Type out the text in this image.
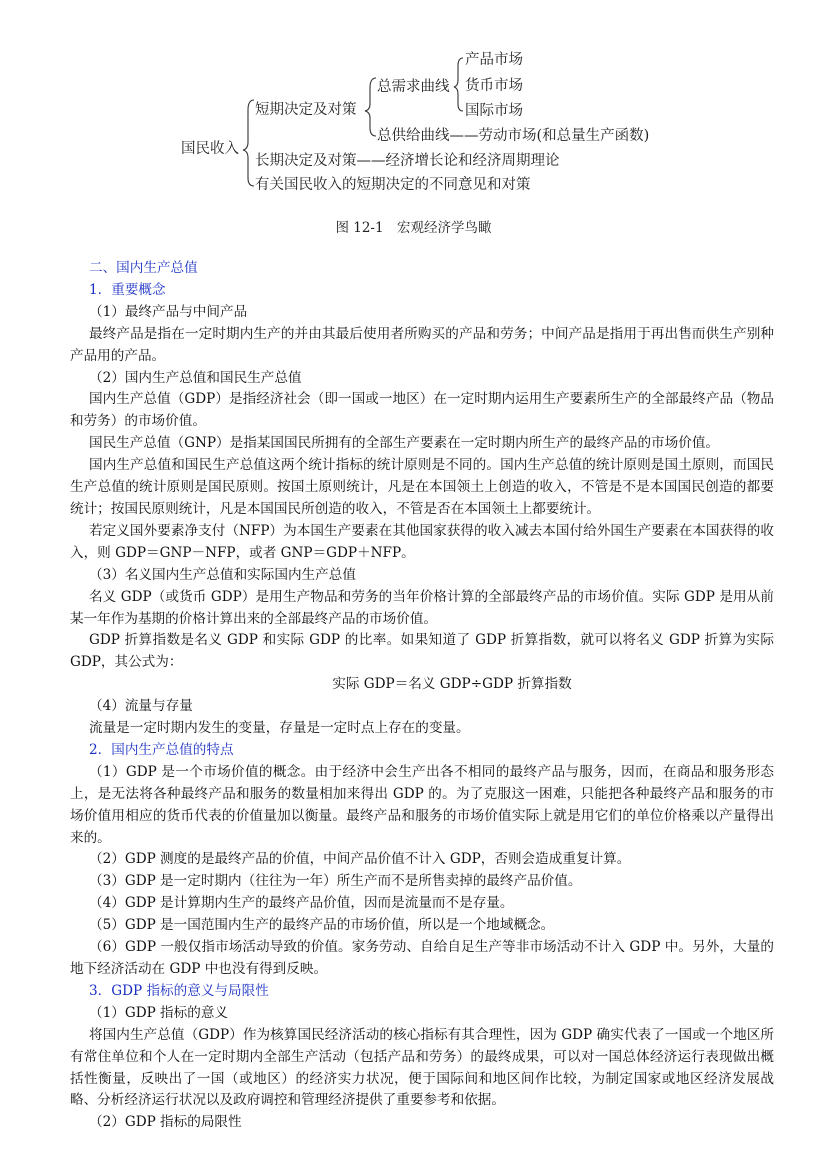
国民收入
短期决定及对策
总需求曲线
产品市场
货币市场
国际市场
总供给曲线——劳动市场(和总量生产函数)
长期决定及对策——经济增长论和经济周期理论
有关国民收入的短期决定的不同意见和对策
图 12-1　宏观经济学鸟瞰

二、国内生产总值

1．重要概念

（1）最终产品与中间产品

最终产品是指在一定时期内生产的并由其最后使用者所购买的产品和劳务；中间产品是指用于再出售而供生产别种产品用的产品。

（2）国内生产总值和国民生产总值

国内生产总值（GDP）是指经济社会（即一国或一地区）在一定时期内运用生产要素所生产的全部最终产品（物品和劳务）的市场价值。

国民生产总值（GNP）是指某国国民所拥有的全部生产要素在一定时期内所生产的最终产品的市场价值。

国内生产总值和国民生产总值这两个统计指标的统计原则是不同的。国内生产总值的统计原则是国土原则，而国民生产总值的统计原则是国民原则。按国土原则统计，凡是在本国领土上创造的收入，不管是不是本国国民创造的都要统计；按国民原则统计，凡是本国国民所创造的收入，不管是否在本国领土上都要统计。

若定义国外要素净支付（NFP）为本国生产要素在其他国家获得的收入减去本国付给外国生产要素在本国获得的收入，则 GDP＝GNP－NFP，或者 GNP＝GDP＋NFP。

（3）名义国内生产总值和实际国内生产总值

名义 GDP（或货币 GDP）是用生产物品和劳务的当年价格计算的全部最终产品的市场价值。实际 GDP 是用从前某一年作为基期的价格计算出来的全部最终产品的市场价值。

GDP 折算指数是名义 GDP 和实际 GDP 的比率。如果知道了 GDP 折算指数，就可以将名义 GDP 折算为实际 GDP，其公式为：

实际 GDP＝名义 GDP÷GDP 折算指数

（4）流量与存量

流量是一定时期内发生的变量，存量是一定时点上存在的变量。

2．国内生产总值的特点

（1）GDP 是一个市场价值的概念。由于经济中会生产出各不相同的最终产品与服务，因而，在商品和服务形态上，是无法将各种最终产品和服务的数量相加来得出 GDP 的。为了克服这一困难，只能把各种最终产品和服务的市场价值用相应的货币代表的价值量加以衡量。最终产品和服务的市场价值实际上就是用它们的单位价格乘以产量得出来的。

（2）GDP 测度的是最终产品的价值，中间产品价值不计入 GDP，否则会造成重复计算。

（3）GDP 是一定时期内（往往为一年）所生产而不是所售卖掉的最终产品价值。

（4）GDP 是计算期内生产的最终产品价值，因而是流量而不是存量。

（5）GDP 是一国范围内生产的最终产品的市场价值，所以是一个地域概念。

（6）GDP 一般仅指市场活动导致的价值。家务劳动、自给自足生产等非市场活动不计入 GDP 中。另外，大量的地下经济活动在 GDP 中也没有得到反映。

3．GDP 指标的意义与局限性

（1）GDP 指标的意义

将国内生产总值（GDP）作为核算国民经济活动的核心指标有其合理性，因为 GDP 确实代表了一国或一个地区所有常住单位和个人在一定时期内全部生产活动（包括产品和劳务）的最终成果，可以对一国总体经济运行表现做出概括性衡量，反映出了一国（或地区）的经济实力状况，便于国际间和地区间作比较，为制定国家或地区经济发展战略、分析经济运行状况以及政府调控和管理经济提供了重要参考和依据。

（2）GDP 指标的局限性
